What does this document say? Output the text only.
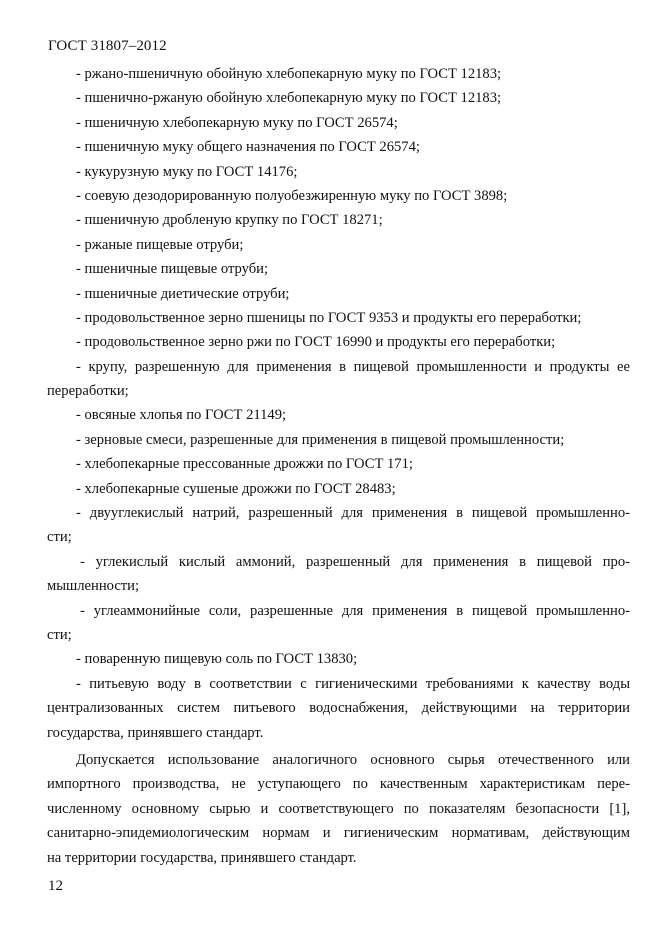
ГОСТ 31807–2012
- ржано-пшеничную обойную хлебопекарную муку по ГОСТ 12183;
- пшенично-ржаную обойную хлебопекарную муку по ГОСТ 12183;
- пшеничную хлебопекарную муку по ГОСТ 26574;
- пшеничную муку общего назначения по ГОСТ 26574;
- кукурузную муку по ГОСТ 14176;
- соевую дезодорированную полуобезжиренную муку по ГОСТ 3898;
- пшеничную дробленую крупку по ГОСТ 18271;
- ржаные пищевые отруби;
- пшеничные пищевые отруби;
- пшеничные диетические отруби;
- продовольственное зерно пшеницы по ГОСТ 9353 и продукты его переработки;
- продовольственное зерно ржи по ГОСТ 16990 и продукты его переработки;
- крупу, разрешенную для применения в пищевой промышленности и продукты ее
переработки;
- овсяные хлопья по ГОСТ 21149;
- зерновые смеси, разрешенные для применения в пищевой промышленности;
- хлебопекарные прессованные дрожжи по ГОСТ 171;
- хлебопекарные сушеные дрожжи по ГОСТ 28483;
- двууглекислый натрий, разрешенный для применения в пищевой промышленно-
сти;
- углекислый кислый аммоний, разрешенный для применения в пищевой про-
мышленности;
- углеаммонийные соли, разрешенные для применения в пищевой промышленно-
сти;
- поваренную пищевую соль по ГОСТ 13830;
- питьевую воду в соответствии с гигиеническими требованиями к качеству воды
централизованных систем питьевого водоснабжения, действующими на территории
государства, принявшего стандарт.
Допускается использование аналогичного основного сырья отечественного или
импортного производства, не уступающего по качественным характеристикам пере-
численному основному сырью и соответствующего по показателям безопасности [1],
санитарно-эпидемиологическим нормам и гигиеническим нормативам, действующим
на территории государства, принявшего стандарт.
12
